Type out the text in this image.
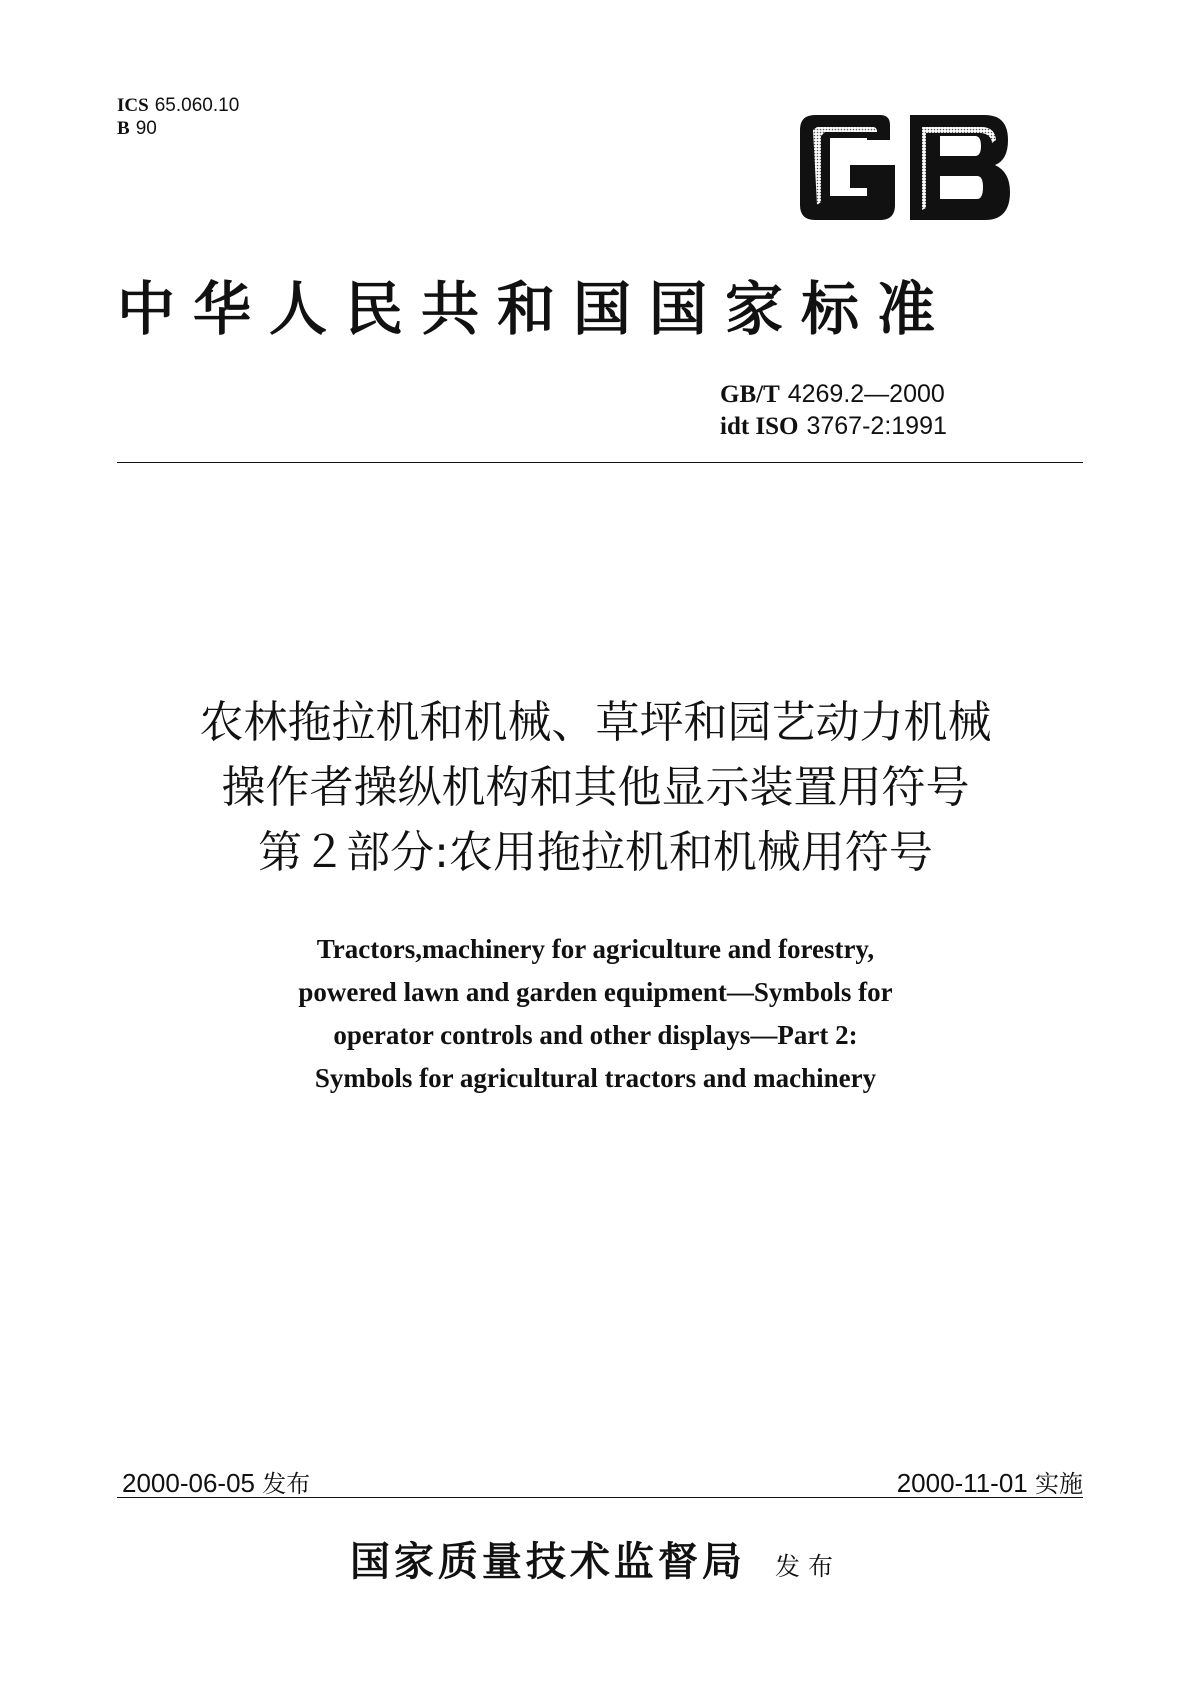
ICS 65.060.10
B 90
GB
中华人民共和国国家标准
GB/T 4269.2—2000
idt ISO 3767-2:1991
农林拖拉机和机械、草坪和园艺动力机械
操作者操纵机构和其他显示装置用符号
第２部分:农用拖拉机和机械用符号
Tractors,machinery for agriculture and forestry,
powered lawn and garden equipment—Symbols for
operator controls and other displays—Part 2:
Symbols for agricultural tractors and machinery
2000-06-05 发布	2000-11-01 实施
国家质量技术监督局 发布
